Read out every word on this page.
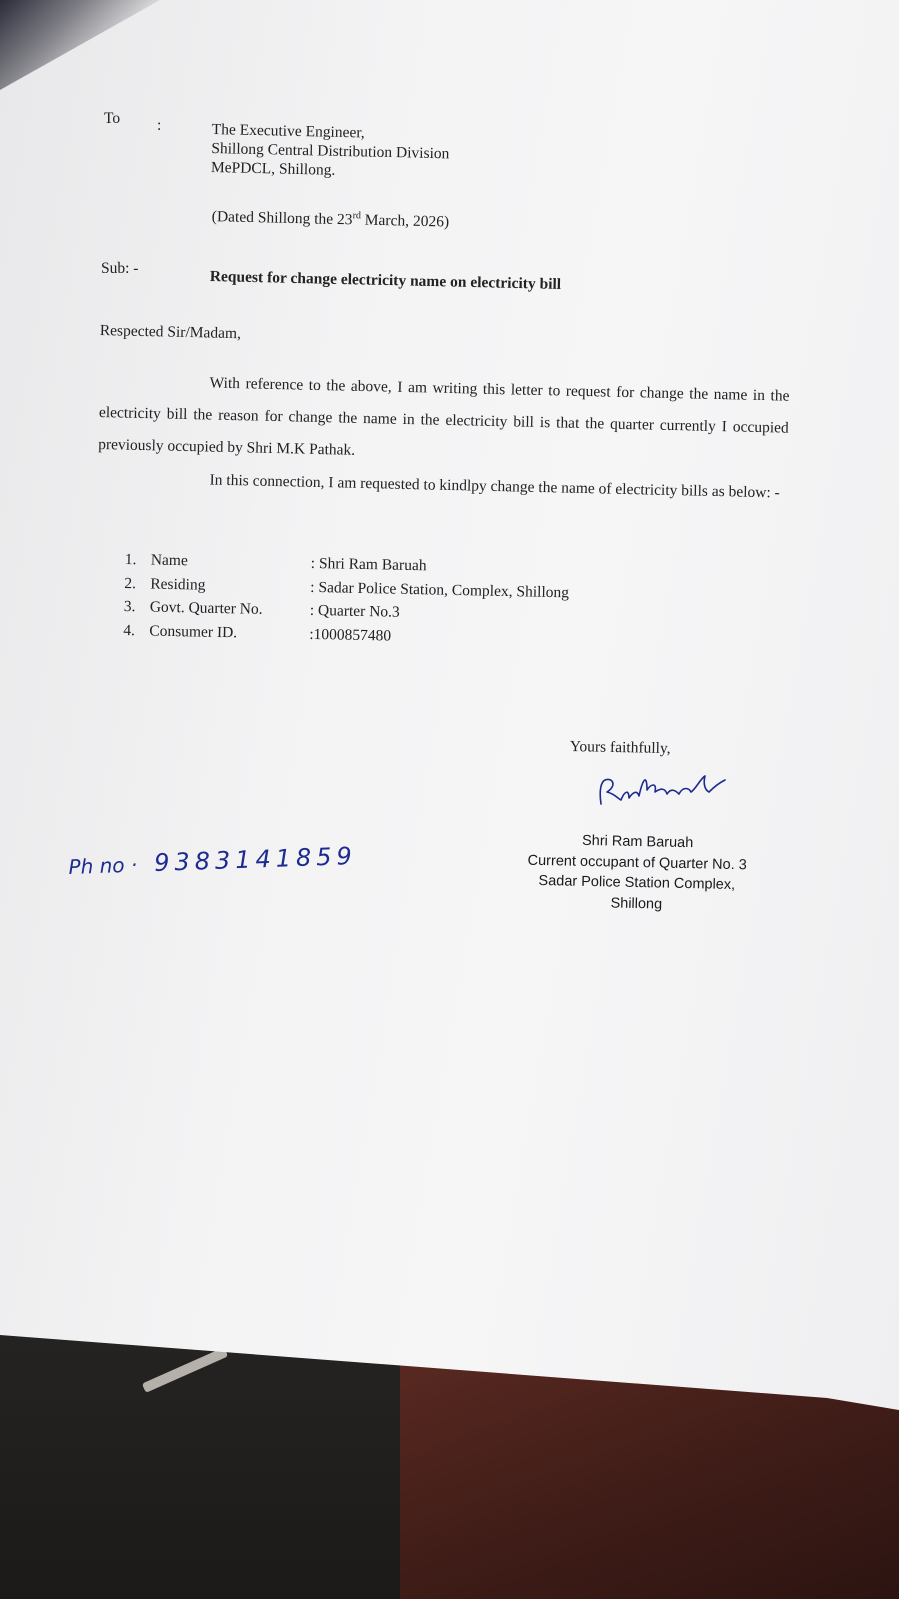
To :	The Executive Engineer,
Shillong Central Distribution Division
MePDCL, Shillong.

(Dated Shillong the 23rd March, 2026)

Sub: -	Request for change electricity name on electricity bill

Respected Sir/Madam,

With reference to the above, I am writing this letter to request for change the name in the electricity bill the reason for change the name in the electricity bill is that the quarter currently I occupied previously occupied by Shri M.K Pathak.

In this connection, I am requested to kindlpy change the name of electricity bills as below: -

1. Name	: Shri Ram Baruah
2. Residing	: Sadar Police Station, Complex, Shillong
3. Govt. Quarter No.	: Quarter No.3
4. Consumer ID.	:1000857480

Yours faithfully,

Shri Ram Baruah
Current occupant of Quarter No. 3
Sadar Police Station Complex,
Shillong
Ph no · 9383141859
